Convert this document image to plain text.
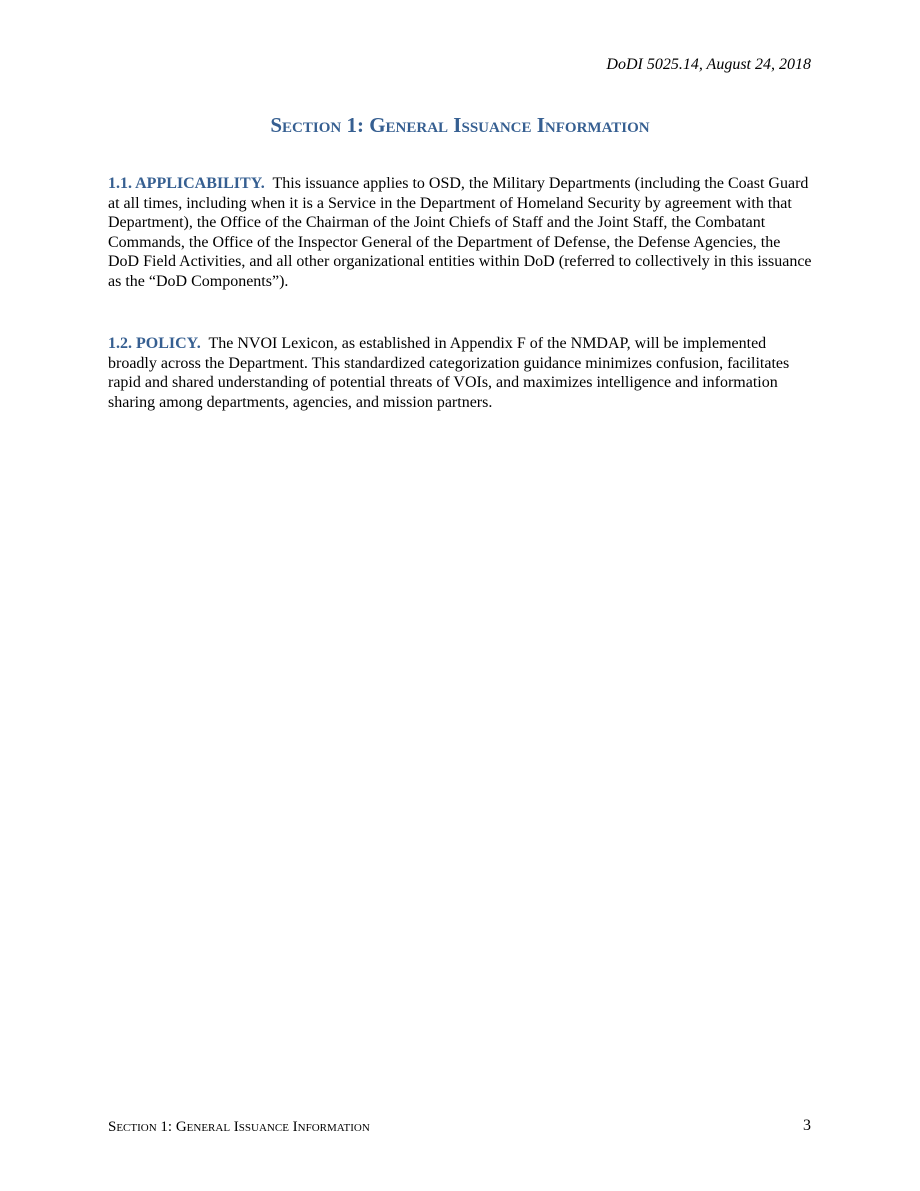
DoDI 5025.14, August 24, 2018
Section 1: General Issuance Information
1.1. APPLICABILITY. This issuance applies to OSD, the Military Departments (including the Coast Guard at all times, including when it is a Service in the Department of Homeland Security by agreement with that Department), the Office of the Chairman of the Joint Chiefs of Staff and the Joint Staff, the Combatant Commands, the Office of the Inspector General of the Department of Defense, the Defense Agencies, the DoD Field Activities, and all other organizational entities within DoD (referred to collectively in this issuance as the “DoD Components”).
1.2. POLICY. The NVOI Lexicon, as established in Appendix F of the NMDAP, will be implemented broadly across the Department. This standardized categorization guidance minimizes confusion, facilitates rapid and shared understanding of potential threats of VOIs, and maximizes intelligence and information sharing among departments, agencies, and mission partners.
Section 1: General Issuance Information	3
